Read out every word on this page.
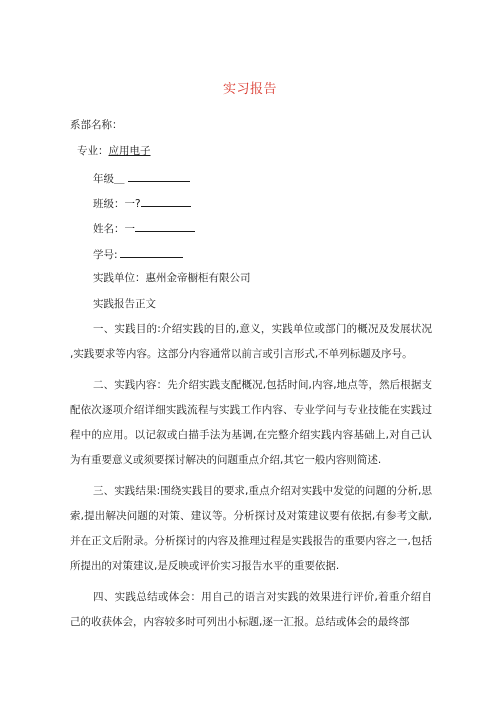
实习报告
系部名称：
专业：应用电子
年级＿
班级：一?
姓名：一
学号:
实践单位：惠州金帝橱柜有限公司
实践报告正文

一、实践目的:介绍实践的目的,意义，实践单位或部门的概况及发展状况 ,实践要求等内容。这部分内容通常以前言或引言形式,不单列标题及序号。

二、实践内容：先介绍实践支配概况,包括时间,内容,地点等，然后根据支配依次逐项介绍详细实践流程与实践工作内容、专业学问与专业技能在实践过程中的应用。以记叙或白描手法为基调,在完整介绍实践内容基础上,对自己认为有重要意义或须要探讨解决的问题重点介绍,其它一般内容则简述.

三、实践结果:围绕实践目的要求,重点介绍对实践中发觉的问题的分析,思索,提出解决问题的对策、建议等。分析探讨及对策建议要有依据,有参考文献,并在正文后附录。分析探讨的内容及推理过程是实践报告的重要内容之一,包括所提出的对策建议,是反映或评价实习报告水平的重要依据.

四、实践总结或体会：用自己的语言对实践的效果进行评价,着重介绍自己的收获体会，内容较多时可列出小标题,逐一汇报。总结或体会的最终部
